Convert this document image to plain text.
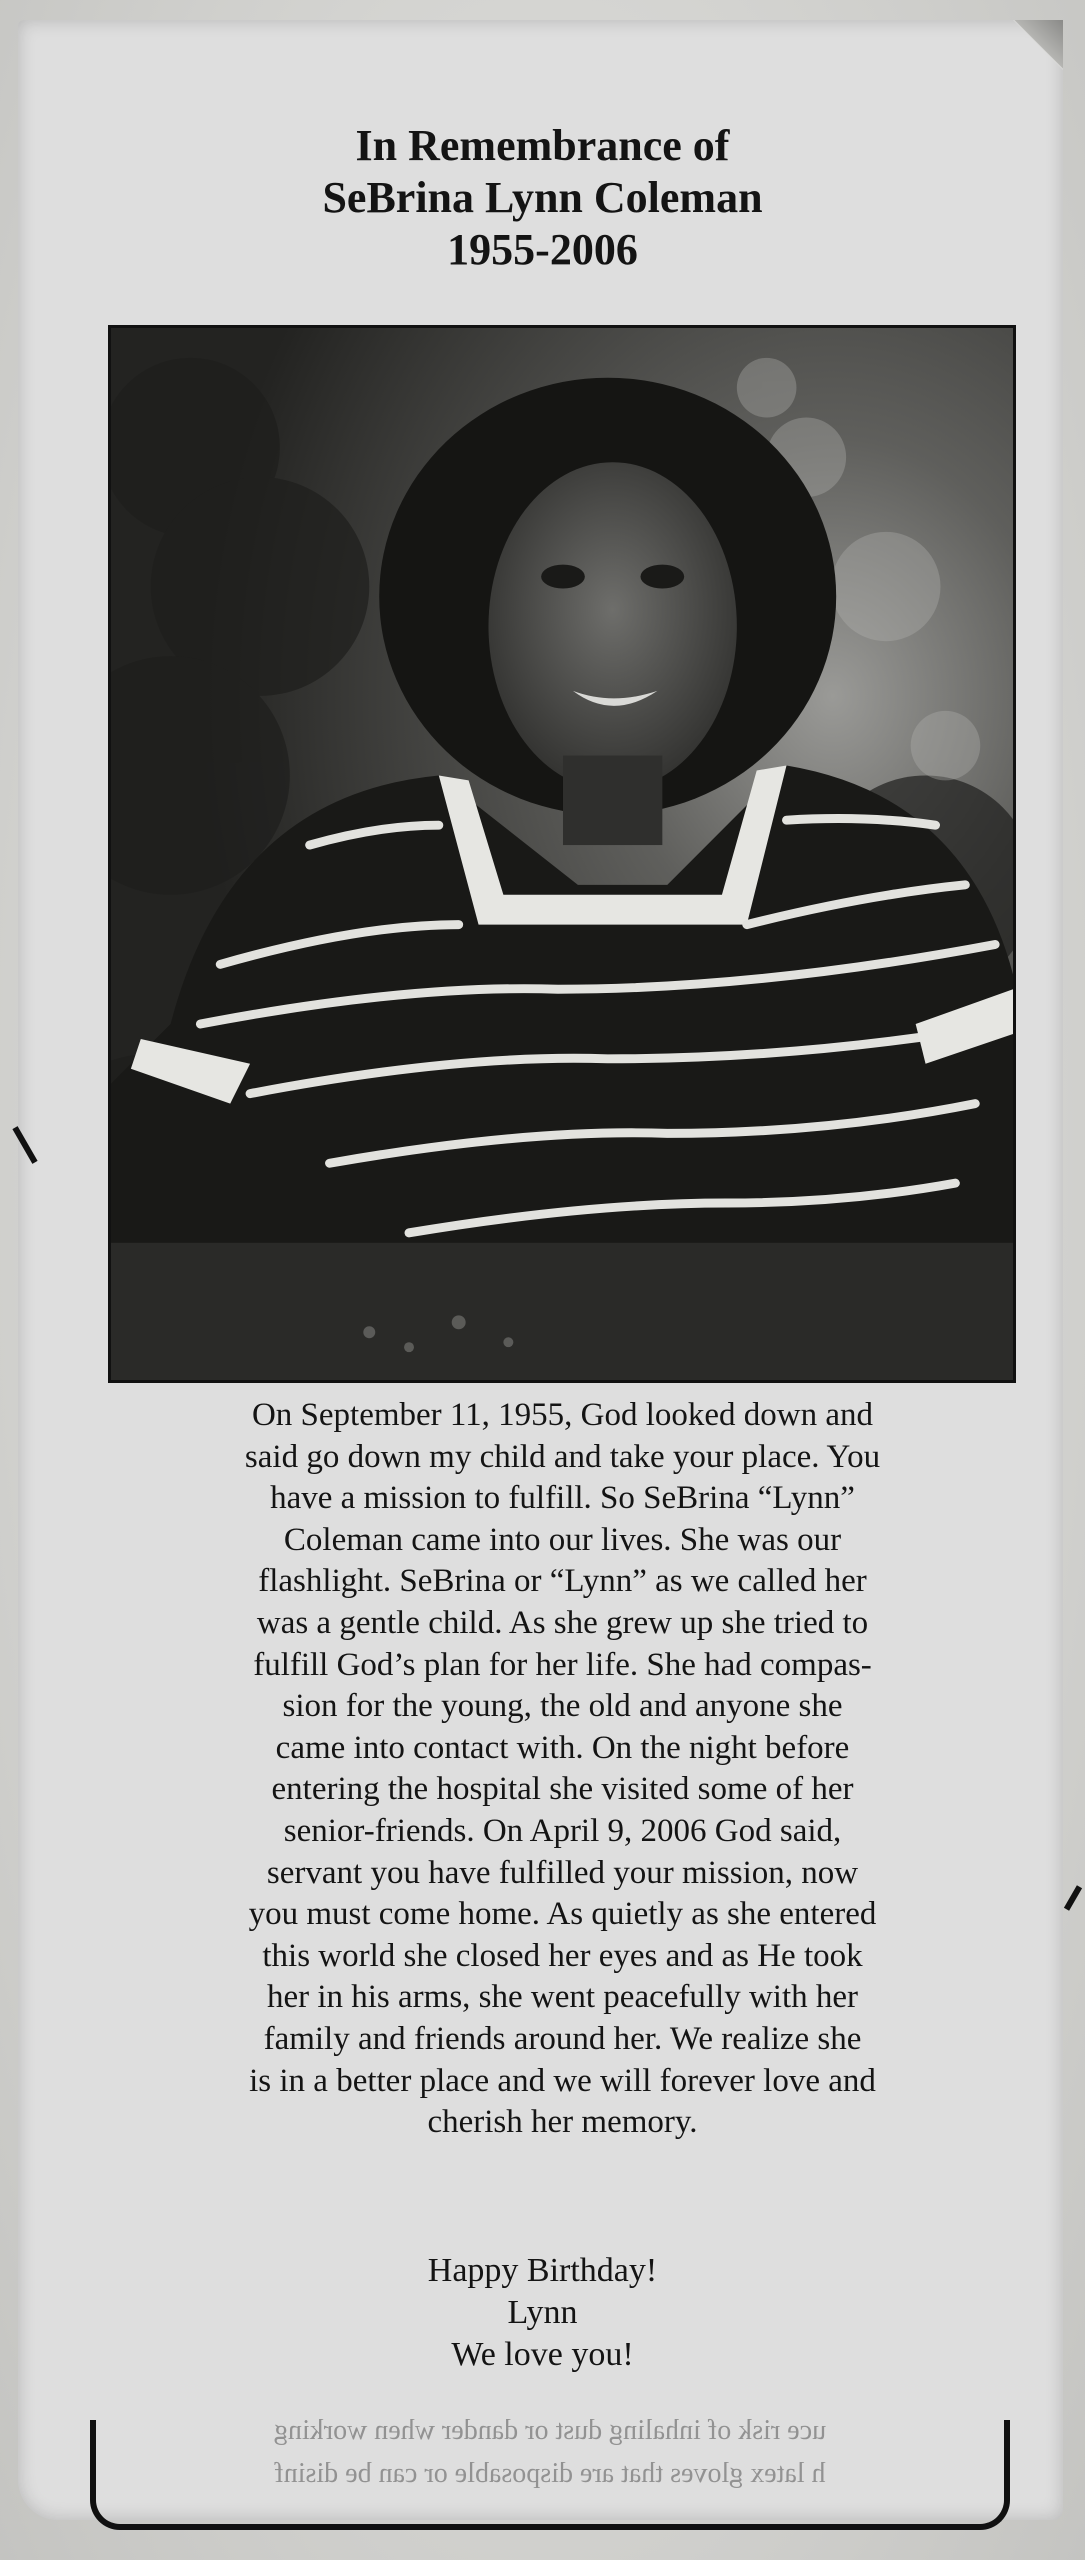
In Remembrance of
SeBrina Lynn Coleman
1955-2006
On September 11, 1955, God looked down and
said go down my child and take your place. You
have a mission to fulfill. So SeBrina “Lynn”
Coleman came into our lives. She was our
flashlight. SeBrina or “Lynn” as we called her
was a gentle child. As she grew up she tried to
fulfill God’s plan for her life. She had compas-
sion for the young, the old and anyone she
came into contact with. On the night before
entering the hospital she visited some of her
senior-friends. On April 9, 2006 God said,
servant you have fulfilled your mission, now
you must come home. As quietly as she entered
this world she closed her eyes and as He took
her in his arms, she went peacefully with her
family and friends around her. We realize she
is in a better place and we will forever love and
cherish her memory.
Happy Birthday!
Lynn
We love you!
uce risk of inhaling dust or dander when working
h latex gloves that are disposable or can be disinf
